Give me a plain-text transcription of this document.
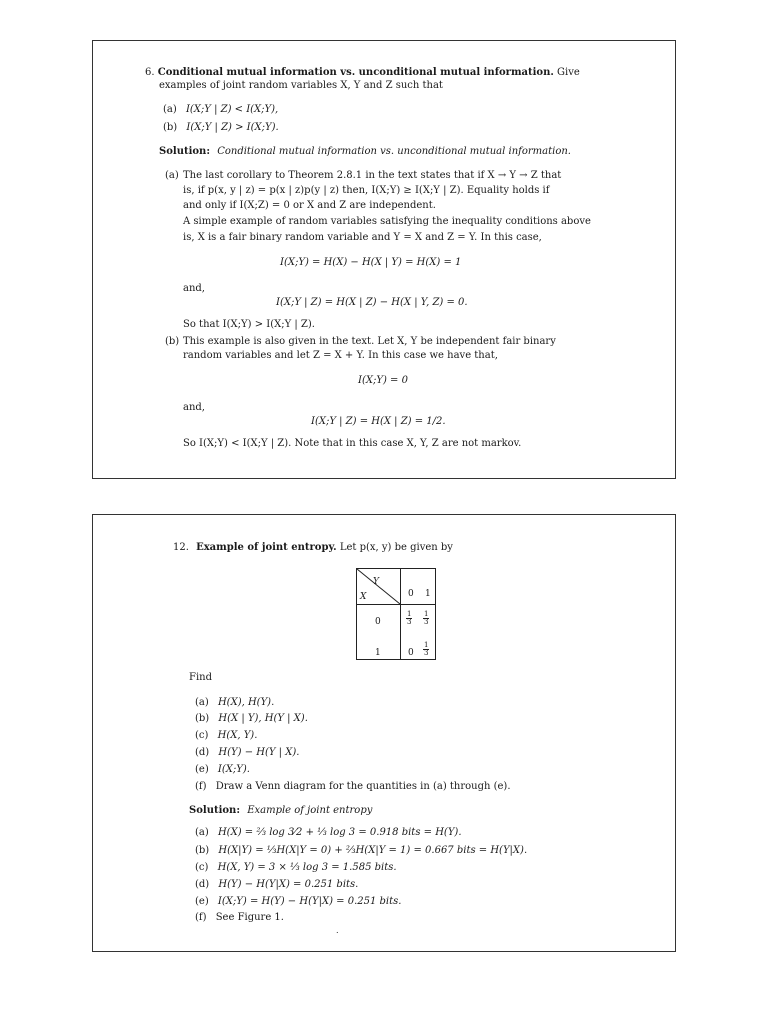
6. Conditional mutual information vs. unconditional mutual information. Give
examples of joint random variables X, Y and Z such that
(a) I(X;Y | Z) < I(X;Y),
(b) I(X;Y | Z) > I(X;Y).
Solution: Conditional mutual information vs. unconditional mutual information.
(a) The last corollary to Theorem 2.8.1 in the text states that if X → Y → Z that
is, if p(x, y | z) = p(x | z)p(y | z) then, I(X;Y) ≥ I(X;Y | Z). Equality holds if
and only if I(X;Z) = 0 or X and Z are independent.
A simple example of random variables satisfying the inequality conditions above
is, X is a fair binary random variable and Y = X and Z = Y. In this case,
I(X;Y) = H(X) − H(X | Y) = H(X) = 1
and,
I(X;Y | Z) = H(X | Z) − H(X | Y, Z) = 0.
So that I(X;Y) > I(X;Y | Z).
(b) This example is also given in the text. Let X, Y be independent fair binary
random variables and let Z = X + Y. In this case we have that,
I(X;Y) = 0
and,
I(X;Y | Z) = H(X | Z) = 1/2.
So I(X;Y) < I(X;Y | Z). Note that in this case X, Y, Z are not markov.
12. Example of joint entropy. Let p(x, y) be given by
Y
X	0 1
0
1
$\frac{1}{3} \frac{1}{3}$
$0 \frac{1}{3}$
Find
(a) H(X), H(Y).
(b) H(X | Y), H(Y | X).
(c) H(X, Y).
(d) H(Y) − H(Y | X).
(e) I(X;Y).
(f) Draw a Venn diagram for the quantities in (a) through (e).
Solution: Example of joint entropy
(a) H(X) = ⅔ log 3⁄2 + ⅓ log 3 = 0.918 bits = H(Y).
(b) H(X|Y) = ⅓H(X|Y = 0) + ⅔H(X|Y = 1) = 0.667 bits = H(Y|X).
(c) H(X, Y) = 3 × ⅓ log 3 = 1.585 bits.
(d) H(Y) − H(Y|X) = 0.251 bits.
(e) I(X;Y) = H(Y) − H(Y|X) = 0.251 bits.
(f) See Figure 1.
.
